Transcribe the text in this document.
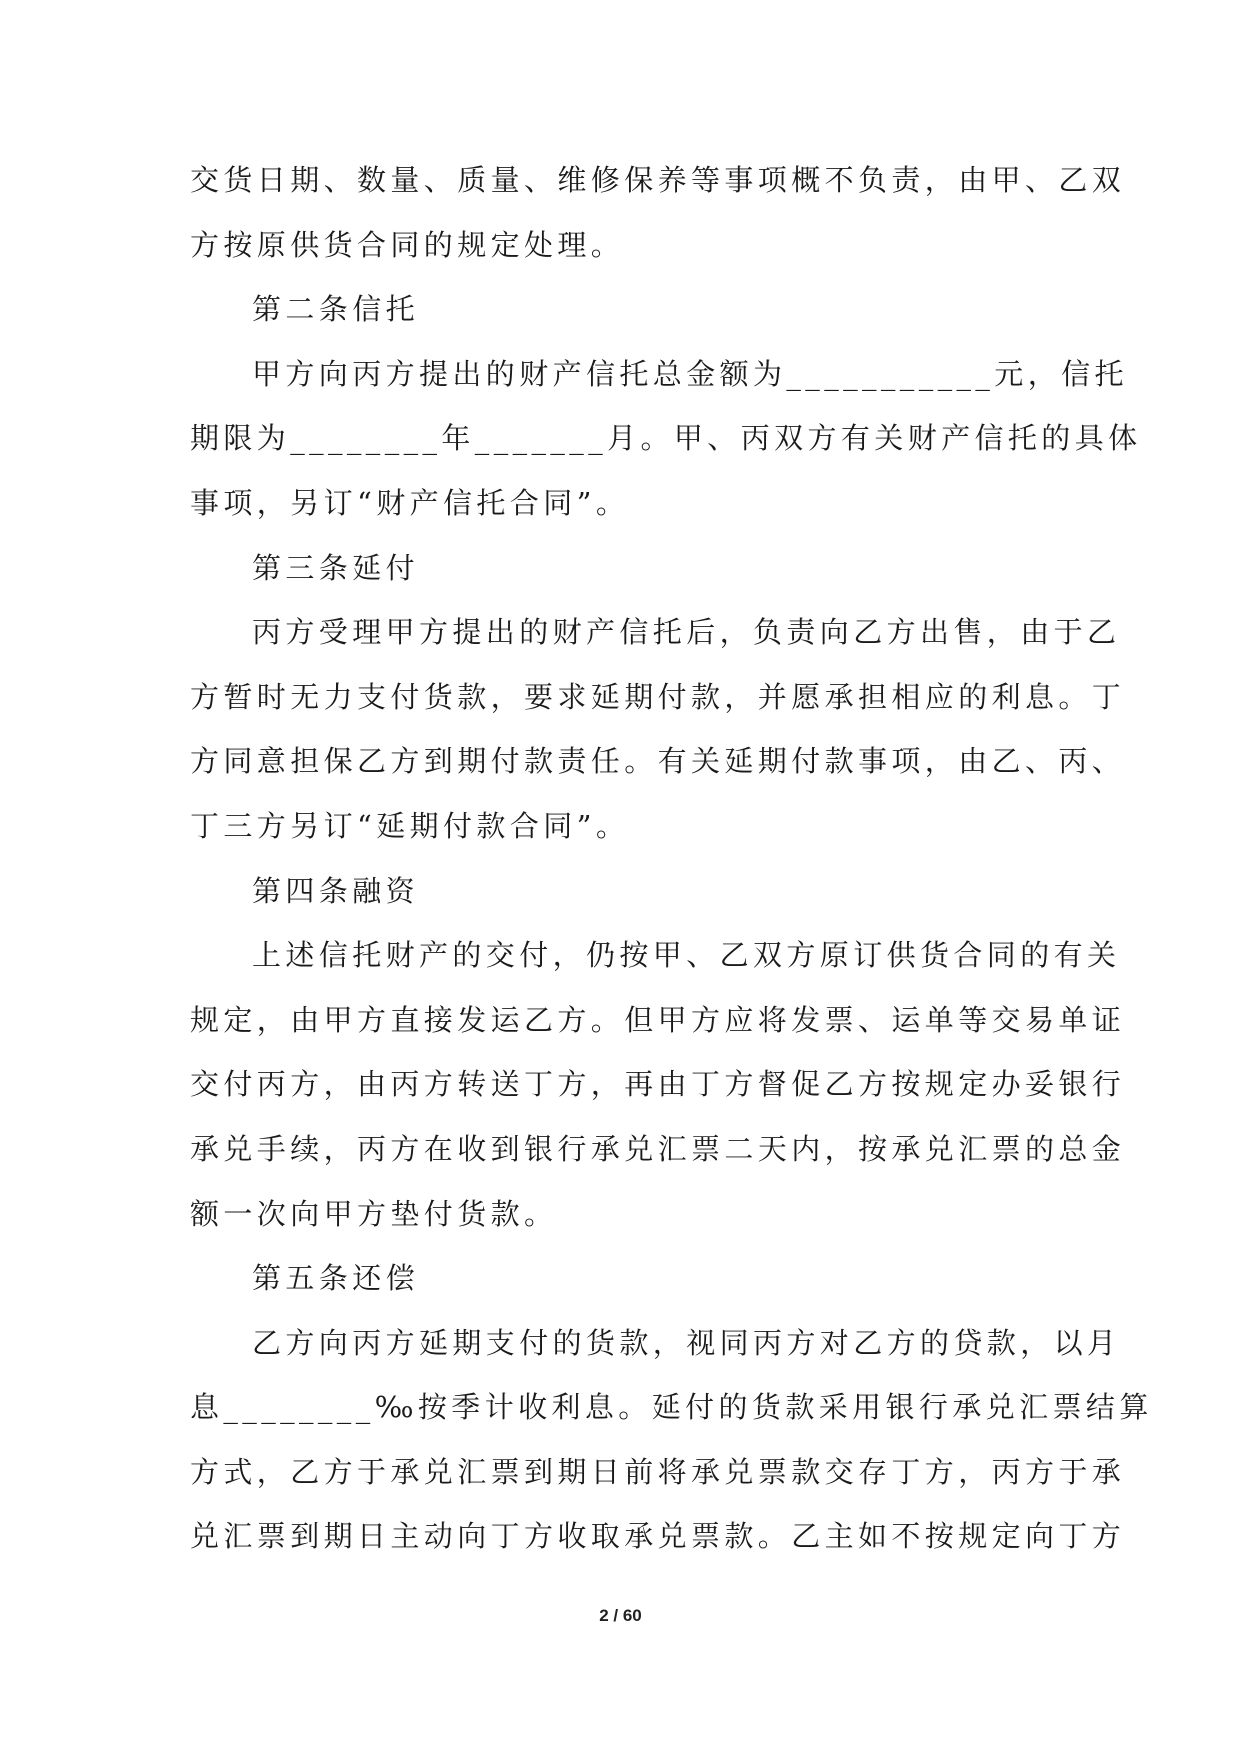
交货日期、数量、质量、维修保养等事项概不负责，由甲、乙双
方按原供货合同的规定处理。
第二条信托
甲方向丙方提出的财产信托总金额为___________元，信托
期限为________年_______月。甲、丙双方有关财产信托的具体
事项，另订“财产信托合同”。
第三条延付
丙方受理甲方提出的财产信托后，负责向乙方出售，由于乙
方暂时无力支付货款，要求延期付款，并愿承担相应的利息。丁
方同意担保乙方到期付款责任。有关延期付款事项，由乙、丙、
丁三方另订“延期付款合同”。
第四条融资
上述信托财产的交付，仍按甲、乙双方原订供货合同的有关
规定，由甲方直接发运乙方。但甲方应将发票、运单等交易单证
交付丙方，由丙方转送丁方，再由丁方督促乙方按规定办妥银行
承兑手续，丙方在收到银行承兑汇票二天内，按承兑汇票的总金
额一次向甲方垫付货款。
第五条还偿
乙方向丙方延期支付的货款，视同丙方对乙方的贷款，以月
息________‰按季计收利息。延付的货款采用银行承兑汇票结算
方式，乙方于承兑汇票到期日前将承兑票款交存丁方，丙方于承
兑汇票到期日主动向丁方收取承兑票款。乙主如不按规定向丁方
2 / 60
